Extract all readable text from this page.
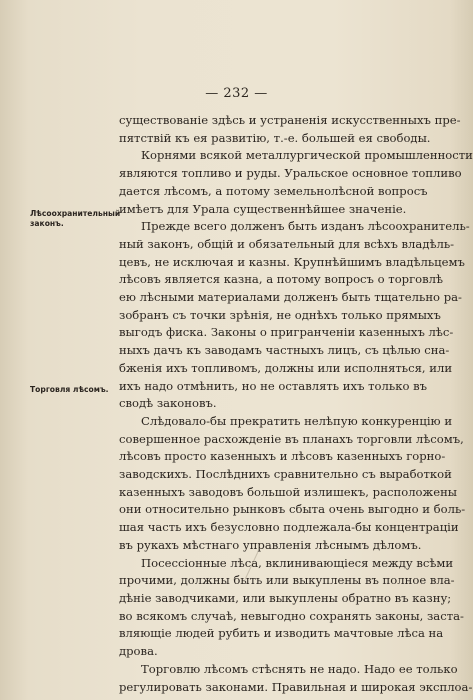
— 232 —
Лѣсоохранительный законъ.
Торговля лѣсомъ.

существованіе здѣсь и устраненія искусственныхъ пре-
пятствій къ ея развитію, т.-е. большей ея свободы.

Корнями всякой металлургической промышленности
являются топливо и руды. Уральское основное топливо
дается лѣсомъ, а потому земельнолѣсной вопросъ
имѣетъ для Урала существеннѣйшее значеніе.

Прежде всего долженъ быть изданъ лѣсоохранитель-
ный законъ, общій и обязательный для всѣхъ владѣль-
цевъ, не исключая и казны. Крупнѣйшимъ владѣльцемъ
лѣсовъ является казна, а потому вопросъ о торговлѣ
ею лѣсными материалами долженъ быть тщательно ра-
зобранъ съ точки зрѣнія, не однѣхъ только прямыхъ
выгодъ фиска. Законы о пригранченіи казенныхъ лѣс-
ныхъ дачъ къ заводамъ частныхъ лицъ, съ цѣлью сна-
бженія ихъ топливомъ, должны или исполняться, или
ихъ надо отмѣнить, но не оставлять ихъ только въ
сводѣ законовъ.

Слѣдовало-бы прекратить нелѣпую конкуренцію и
совершенное расхожденіе въ планахъ торговли лѣсомъ,
лѣсовъ просто казенныхъ и лѣсовъ казенныхъ горно-
заводскихъ. Послѣднихъ сравнительно съ выработкой
казенныхъ заводовъ большой излишекъ, расположены
они относительно рынковъ сбыта очень выгодно и боль-
шая часть ихъ безусловно подлежала-бы концентраціи
въ рукахъ мѣстнаго управленія лѣснымъ дѣломъ.

Посессіонные лѣса, вклинивающіеся между всѣми
прочими, должны быть или выкуплены въ полное вла-
дѣніе заводчиками, или выкуплены обратно въ казну;
во всякомъ случаѣ, невыгодно сохранять законы, заста-
вляющіе людей рубить и изводить мачтовые лѣса на
дрова.

Торговлю лѣсомъ стѣснять не надо. Надо ее только
регулировать законами. Правильная и широкая эксплоа-
